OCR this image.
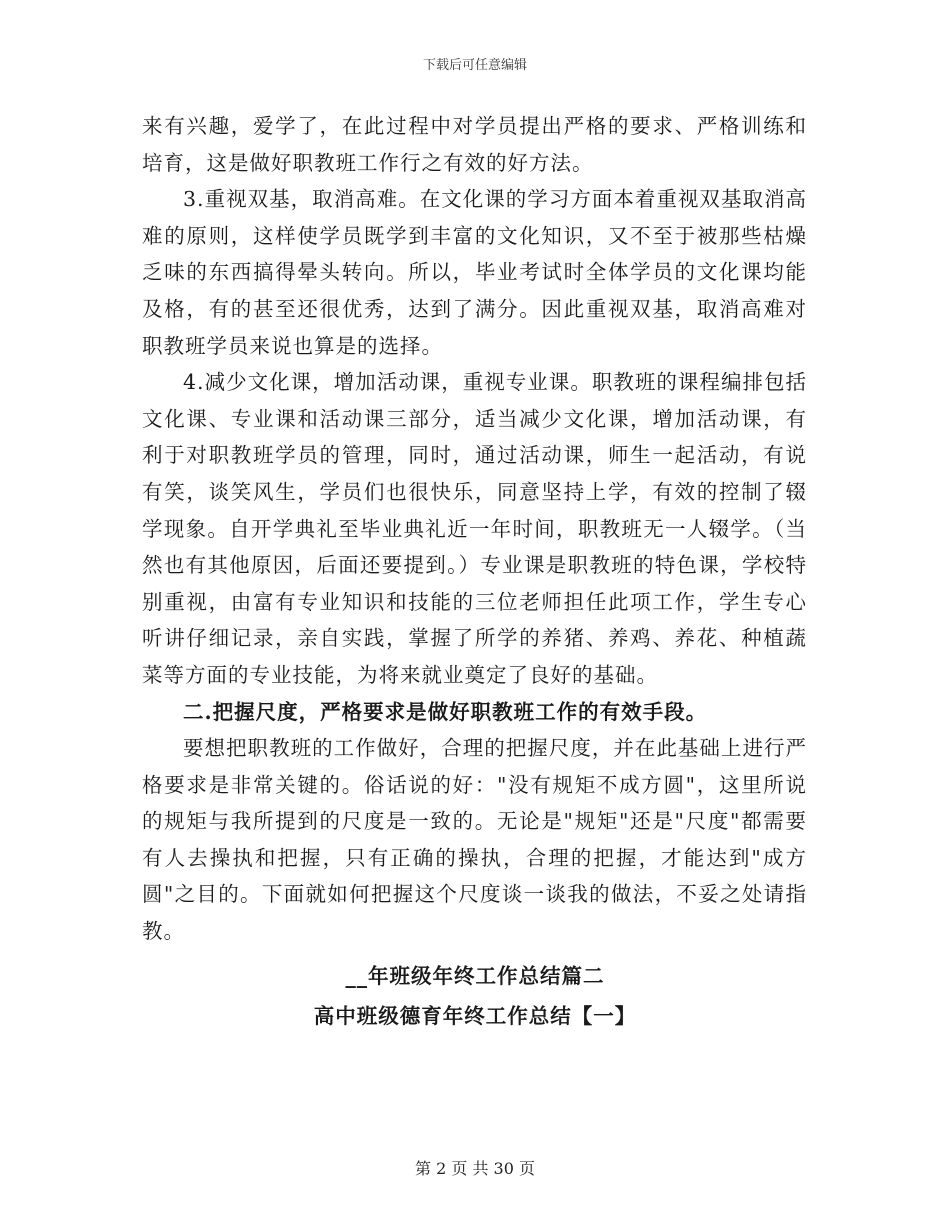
下载后可任意编辑

来有兴趣，爱学了，在此过程中对学员提出严格的要求、严格训练和培育，这是做好职教班工作行之有效的好方法。

3.重视双基，取消高难。在文化课的学习方面本着重视双基取消高难的原则，这样使学员既学到丰富的文化知识，又不至于被那些枯燥乏味的东西搞得晕头转向。所以，毕业考试时全体学员的文化课均能及格，有的甚至还很优秀，达到了满分。因此重视双基，取消高难对职教班学员来说也算是的选择。

4.减少文化课，增加活动课，重视专业课。职教班的课程编排包括文化课、专业课和活动课三部分，适当减少文化课，增加活动课，有利于对职教班学员的管理，同时，通过活动课，师生一起活动，有说有笑，谈笑风生，学员们也很快乐，同意坚持上学，有效的控制了辍学现象。自开学典礼至毕业典礼近一年时间，职教班无一人辍学。（当然也有其他原因，后面还要提到。）专业课是职教班的特色课，学校特别重视，由富有专业知识和技能的三位老师担任此项工作，学生专心听讲仔细记录，亲自实践，掌握了所学的养猪、养鸡、养花、种植蔬菜等方面的专业技能，为将来就业奠定了良好的基础。

二.把握尺度，严格要求是做好职教班工作的有效手段。

要想把职教班的工作做好，合理的把握尺度，并在此基础上进行严格要求是非常关键的。俗话说的好："没有规矩不成方圆"，这里所说的规矩与我所提到的尺度是一致的。无论是"规矩"还是"尺度"都需要有人去操执和把握，只有正确的操执，合理的把握，才能达到"成方圆"之目的。下面就如何把握这个尺度谈一谈我的做法，不妥之处请指教。

__年班级年终工作总结篇二
高中班级德育年终工作总结【一】
第 2 页 共 30 页
